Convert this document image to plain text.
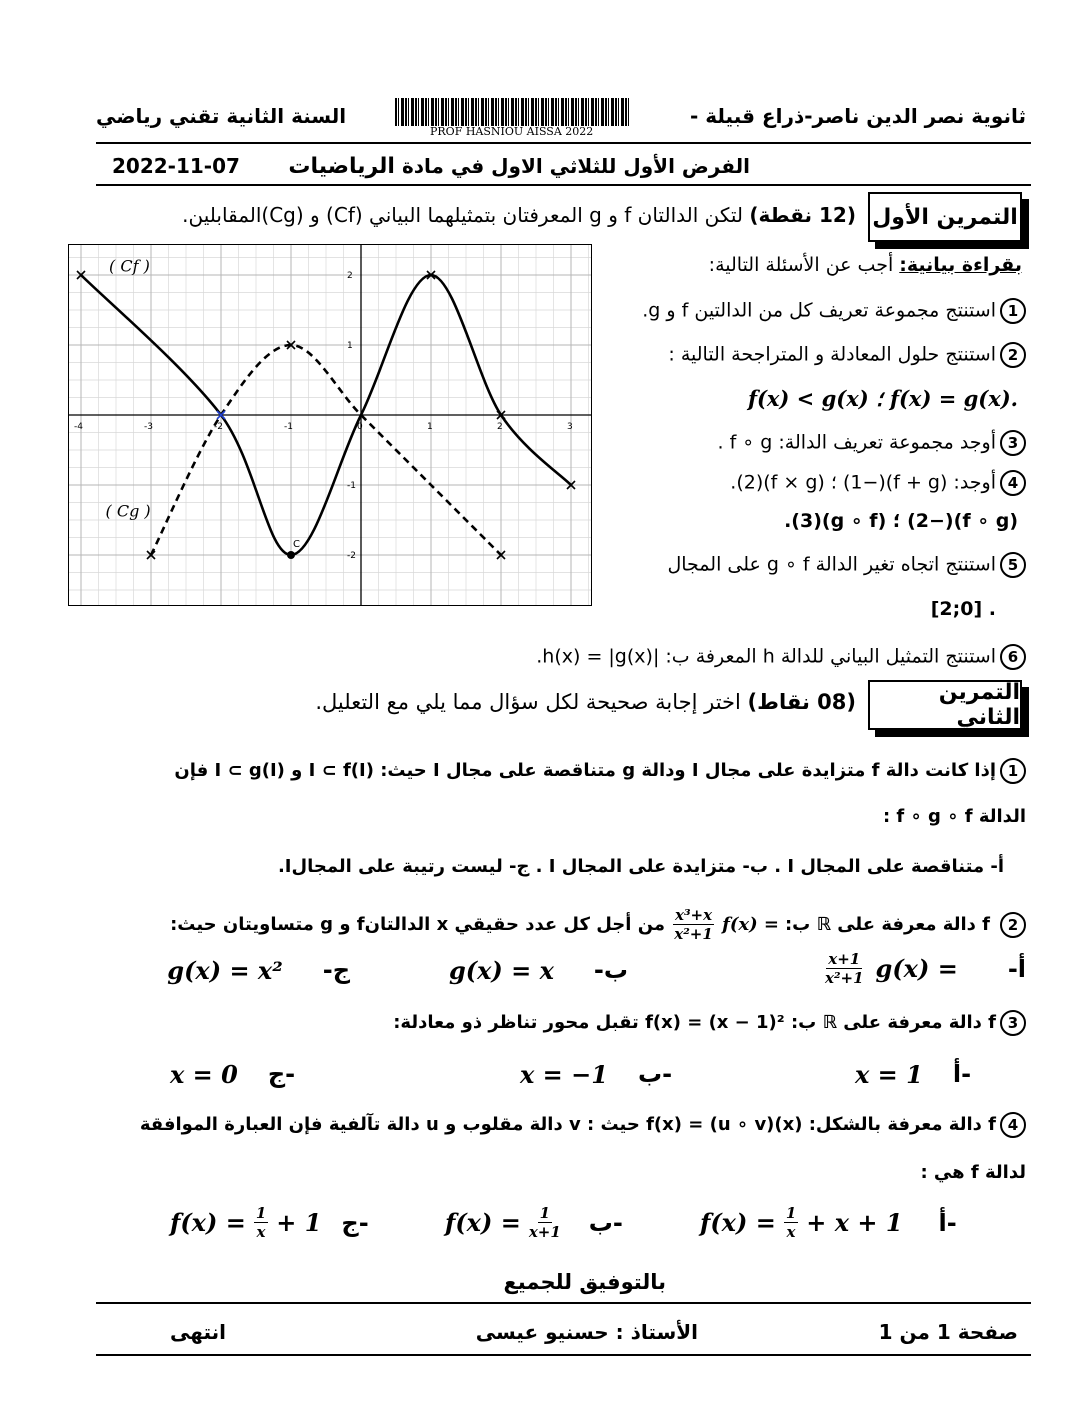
ثانوية نصر الدين ناصر-ذراع قبيلة -
السنة الثانية تقني رياضي
PROF HASNIOU AISSA 2022
2022-11-07	الفرض الأول للثلاثي الاول في مادة الرياضيات
التمرين الأول
(12 نقطة) لتكن الدالتان f و g المعرفتان بتمثيلهما البياني (Cf) و (Cg)المقابلين.
-4	-3	-2	-1	0	1	2	3
2
1
-1
-2
C
( Cf )
( Cg )
بقراءة بيانية: أجب عن الأسئلة التالية:
1استنتج مجموعة تعريف كل من الدالتين f و g.
2استنتج حلول المعادلة و المتراجحة التالية :
f(x) < g(x) ؛ f(x) = g(x).
3أوجد مجموعة تعريف الدالة: f ∘ g .
4أوجد: (f + g)(−1) ؛ (f × g)(2).
(f ∘ g)(−2) ؛ (g ∘ f)(3).
5استنتج اتجاه تغير الدالة g ∘ f على المجال
. [0;2]
6استنتج التمثيل البياني للدالة h المعرفة ب: |h(x) = |g(x).
التمرين الثاني
(08 نقاط) اختر إجابة صحيحة لكل سؤال مما يلي مع التعليل.
1إذا كانت دالة f متزايدة على مجال I ودالة g متناقصة على مجال I حيث: I ⊂ f(I) و I ⊂ g(I) فإن
الدالة f ∘ g ∘ f :
أ- متناقصة على المجال I . ب- متزايدة على المجال I . ج- ليست رتيبة على المجالI.
2
f دالة معرفة على ℝ ب:
f(x) =
$\frac{\text{x³+x}}{\text{x²+1}}$
من أجل كل عدد حقيقي x الدالتانf و g متساويتان حيث:
أ-
g(x) =
$\frac{x+1}{\text{x²+1}}$
ب-
g(x) = x
ج-
g(x) = x²
3f دالة معرفة على ℝ ب: f(x) = (x − 1)² تقبل محور تناظر ذو معادلة:
x = 1 أ-
x = −1 ب-
x = 0 ج-
4f دالة معرفة بالشكل: f(x) = (u ∘ v)(x) حيث : v دالة مقلوب و u دالة تآلفية فإن العبارة الموافقة
لدالة f هي :
$f(x) = \frac{1}{x} + x + 1$ أ-
$f(x) = \frac{1}{x+1}$ ب-
$f(x) = \frac{1}{x} + 1$ ج-
بالتوفيق للجميع
صفحة 1 من 1
الأستاذ : حسنيو عيسى
انتهى
